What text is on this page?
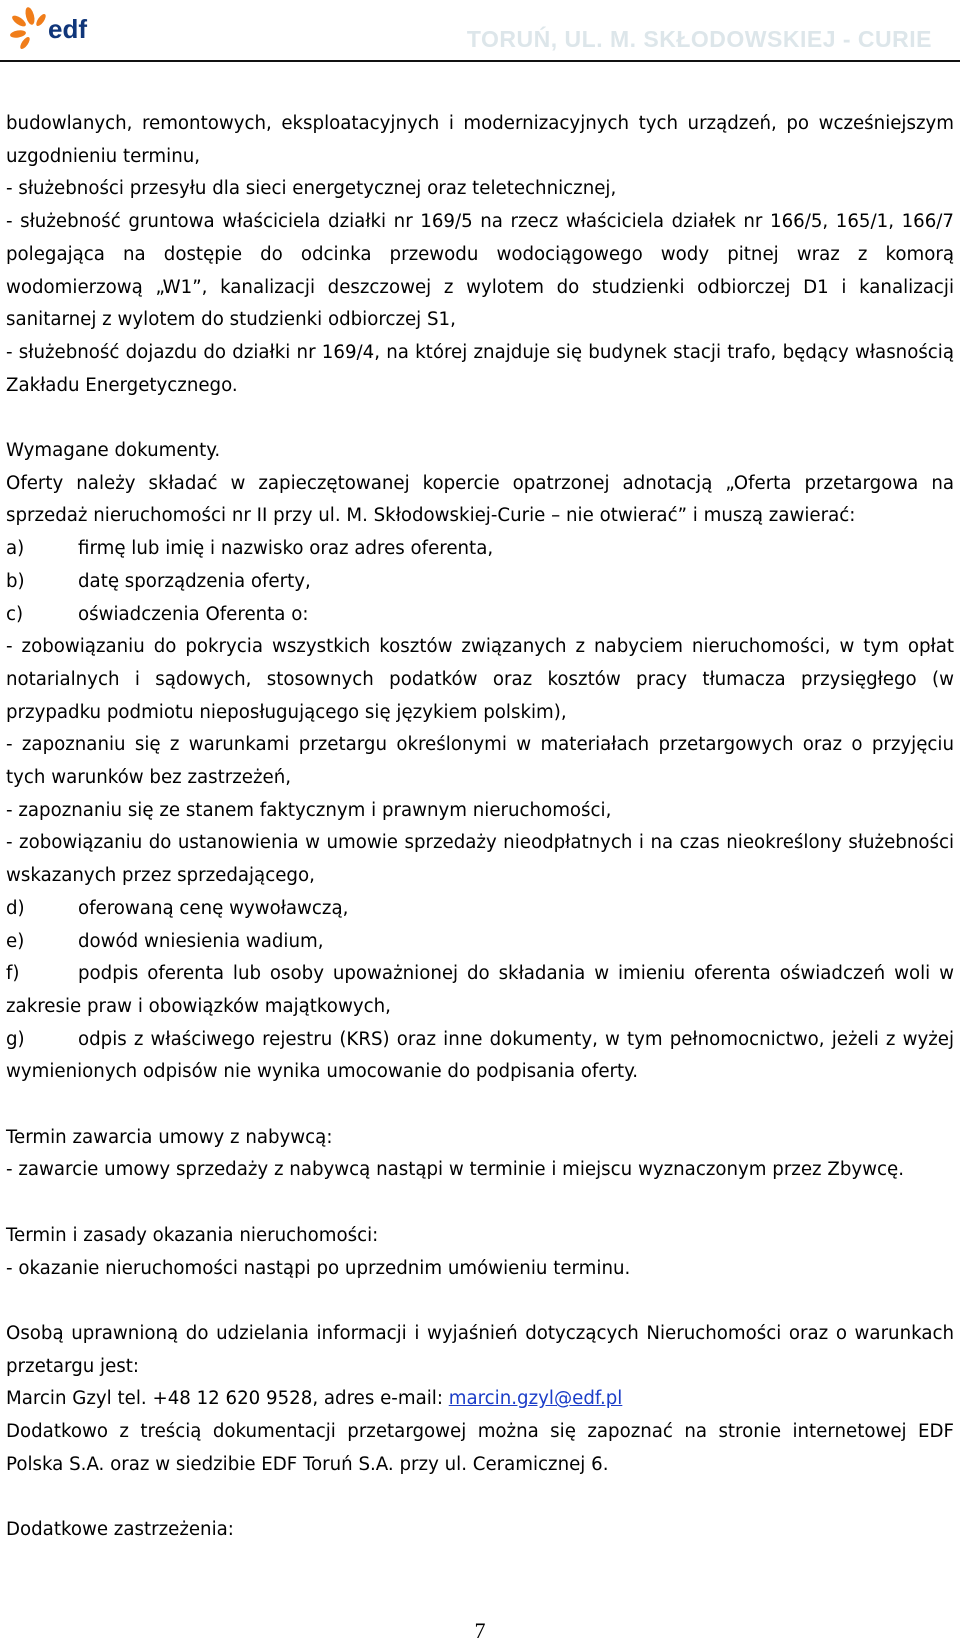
edf	TORUŃ, UL. M. SKŁODOWSKIEJ - CURIE

budowlanych, remontowych, eksploatacyjnych i modernizacyjnych tych urządzeń, po wcześniejszym uzgodnieniu terminu,

- służebności przesyłu dla sieci energetycznej oraz teletechnicznej,

- służebność gruntowa właściciela działki nr 169/5 na rzecz właściciela działek nr 166/5, 165/1, 166/7 polegająca na dostępie do odcinka przewodu wodociągowego wody pitnej wraz z komorą wodomierzową „W1”, kanalizacji deszczowej z wylotem do studzienki odbiorczej D1 i kanalizacji sanitarnej z wylotem do studzienki odbiorczej S1,

- służebność dojazdu do działki nr 169/4, na której znajduje się budynek stacji trafo, będący własnością Zakładu Energetycznego.

Wymagane dokumenty.

Oferty należy składać w zapieczętowanej kopercie opatrzonej adnotacją „Oferta przetargowa na sprzedaż nieruchomości nr II przy ul. M. Skłodowskiej-Curie – nie otwierać” i muszą zawierać:

a)	firmę lub imię i nazwisko oraz adres oferenta,
b)	datę sporządzenia oferty,
c)	oświadczenia Oferenta o:

- zobowiązaniu do pokrycia wszystkich kosztów związanych z nabyciem nieruchomości, w tym opłat notarialnych i sądowych, stosownych podatków oraz kosztów pracy tłumacza przysięgłego (w przypadku podmiotu nieposługującego się językiem polskim),

- zapoznaniu się z warunkami przetargu określonymi w materiałach przetargowych oraz o przyjęciu tych warunków bez zastrzeżeń,

- zapoznaniu się ze stanem faktycznym i prawnym nieruchomości,

- zobowiązaniu do ustanowienia w umowie sprzedaży nieodpłatnych i na czas nieokreślony służebności wskazanych przez sprzedającego,

d)	oferowaną cenę wywoławczą,
e)	dowód wniesienia wadium,

f)	podpis oferenta lub osoby upoważnionej do składania w imieniu oferenta oświadczeń woli w zakresie praw i obowiązków majątkowych,

g)	odpis z właściwego rejestru (KRS) oraz inne dokumenty, w tym pełnomocnictwo, jeżeli z wyżej wymienionych odpisów nie wynika umocowanie do podpisania oferty.

Termin zawarcia umowy z nabywcą:

- zawarcie umowy sprzedaży z nabywcą nastąpi w terminie i miejscu wyznaczonym przez Zbywcę.

Termin i zasady okazania nieruchomości:

- okazanie nieruchomości nastąpi po uprzednim umówieniu terminu.

Osobą uprawnioną do udzielania informacji i wyjaśnień dotyczących Nieruchomości oraz o warunkach przetargu jest:

Marcin Gzyl tel. +48 12 620 9528, adres e-mail: marcin.gzyl@edf.pl

Dodatkowo z treścią dokumentacji przetargowej można się zapoznać na stronie internetowej EDF Polska S.A. oraz w siedzibie EDF Toruń S.A. przy ul. Ceramicznej 6.

Dodatkowe zastrzeżenia:

7
